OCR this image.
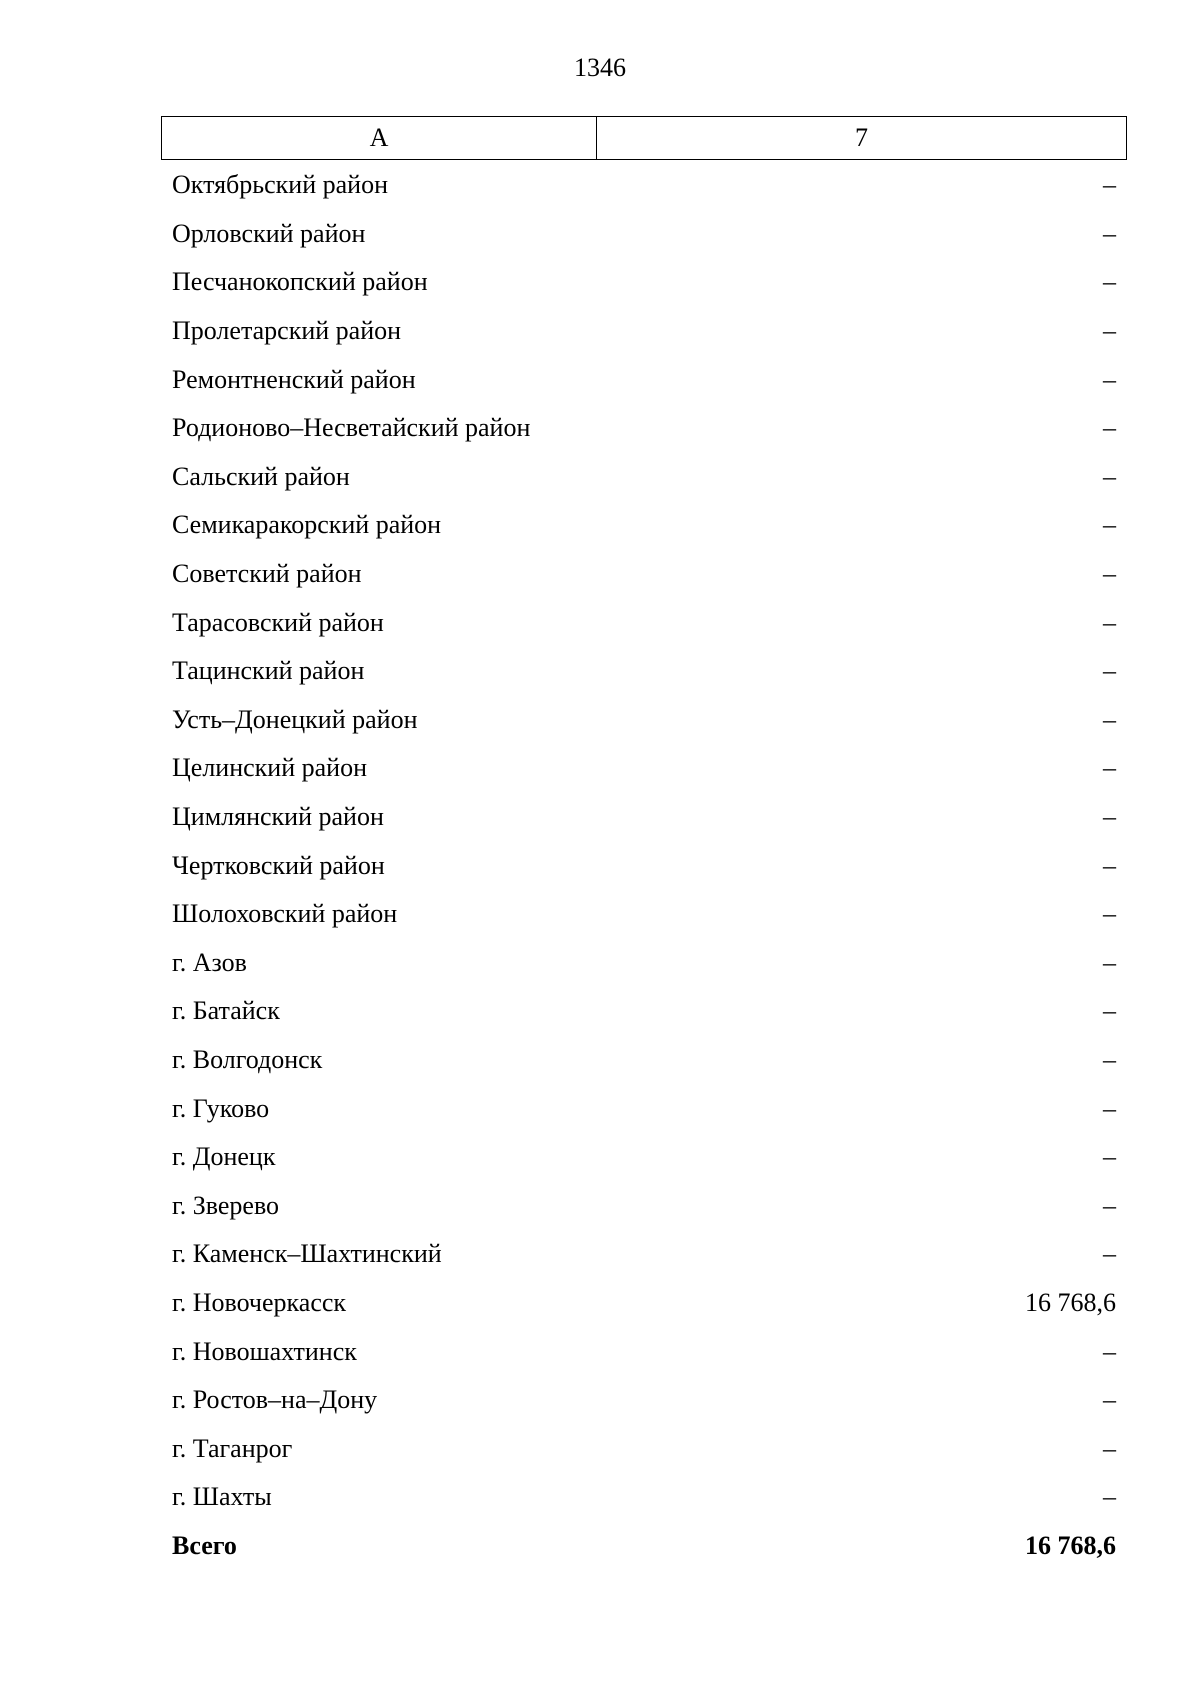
1346
А	7
Октябрьский район	–
Орловский район	–
Песчанокопский район	–
Пролетарский район	–
Ремонтненский район	–
Родионово–Несветайский район	–
Сальский район	–
Семикаракорский район	–
Советский район	–
Тарасовский район	–
Тацинский район	–
Усть–Донецкий район	–
Целинский район	–
Цимлянский район	–
Чертковский район	–
Шолоховский район	–
г. Азов	–
г. Батайск	–
г. Волгодонск	–
г. Гуково	–
г. Донецк	–
г. Зверево	–
г. Каменск–Шахтинский	–
г. Новочеркасск	16 768,6
г. Новошахтинск	–
г. Ростов–на–Дону	–
г. Таганрог	–
г. Шахты	–
Всего	16 768,6
